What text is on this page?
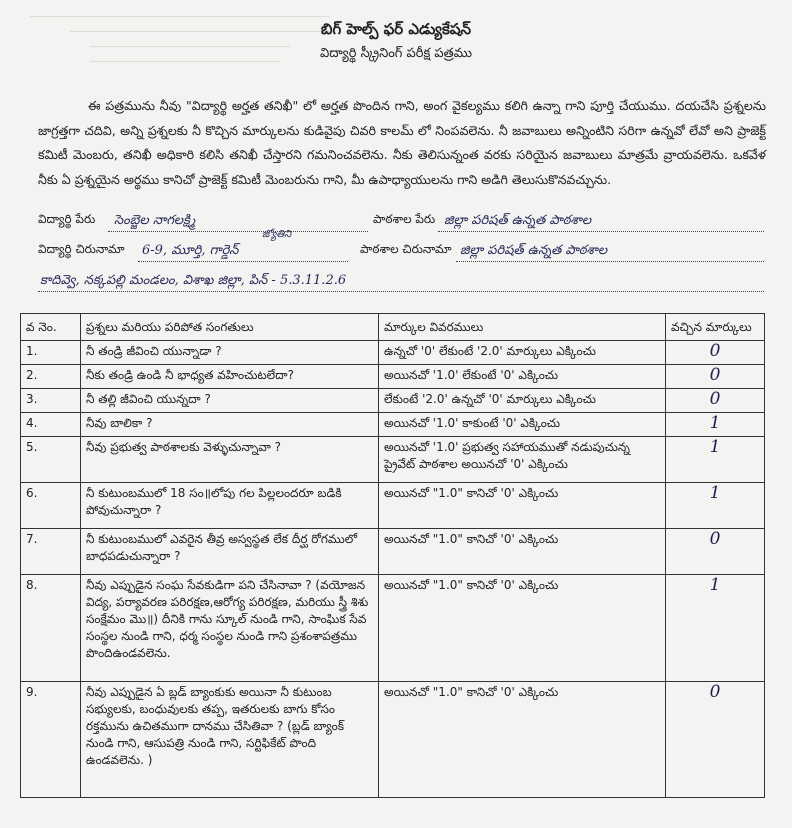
బిగ్ హెల్ప్ ఫర్ ఎడ్యుకేషన్
విద్యార్థి స్క్రీనింగ్ పరీక్ష పత్రము

ఈ పత్రమును నీవు "విద్యార్థి అర్హత తనిఖీ" లో అర్హత పొందిన గాని, అంగ వైకల్యము కలిగి ఉన్నా గాని పూర్తి చేయుము. దయచేసి ప్రశ్నలను జాగ్రత్తగా చదివి, అన్ని ప్రశ్నలకు నీ కొచ్చిన మార్కులను కుడివైపు చివరి కాలమ్ లో నింపవలెను. నీ జవాబులు అన్నింటిని సరిగా ఉన్నవో లేవో అని ప్రాజెక్ట్ కమిటీ మెంబరు, తనిఖీ అధికారి కలిసి తనిఖీ చేస్తారని గమనించవలెను. నీకు తెలిసున్నంత వరకు సరియైన జవాబులు మాత్రమే వ్రాయవలెను. ఒకవేళ నీకు ఏ ప్రశ్నయైన అర్థము కానిచో ప్రాజెక్ట్ కమిటీ మెంబరును గాని, మీ ఉపాధ్యాయులను గాని అడిగి తెలుసుకొనవచ్చును.

విద్యార్థి పేరు సెంబ్జెల నాగలక్ష్మి	పాఠశాల పేరు జిల్లా పరిషత్ ఉన్నత పాఠశాల
జ్యోతిని
విద్యార్థి చిరునామా 6-9, మూర్తి, గార్డెన్	పాఠశాల చిరునామా జిల్లా పరిషత్ ఉన్నత పాఠశాల
కాదివ్వె, నక్కపల్లి మండలం, విశాఖ జిల్లా, పిన్ - 5.3.11.2.6
వ నెం.	ప్రశ్నలు మరియు పరిపోత సంగతులు	మార్కుల వివరములు	వచ్చిన మార్కులు
1.	నీ తండ్రి జీవించి యున్నాడా ?	ఉన్నచో '0' లేకుంటే '2.0' మార్కులు ఎక్కించు	0
2.	నీకు తండ్రి ఉండి నీ భాధ్యత వహించుటలేదా?	అయినచో '1.0' లేకుంటే '0' ఎక్కించు	0
3.	నీ తల్లి జీవించి యున్నదా ?	లేకుంటే '2.0' ఉన్నచో '0' మార్కులు ఎక్కించు	0
4.	నీవు బాలికా ?	అయినచో '1.0' కాకుంటే '0' ఎక్కించు	1
5.	నీవు ప్రభుత్వ పాఠశాలకు వెళ్ళుచున్నావా ?	అయినచో '1.0' ప్రభుత్వ సహాయముతో నడుపుచున్న ప్రైవేట్ పాఠశాల అయినచో '0' ఎక్కించు	1
6.	నీ కుటుంబములో 18 సం॥లోపు గల పిల్లలందరూ బడికి పోవుచున్నారా ?	అయినచో "1.0" కానిచో '0' ఎక్కించు	1
7.	నీ కుటుంబములో ఎవరైన తీవ్ర అస్వస్థత లేక దీర్ఘ రోగములో బాధపడుచున్నారా ?	అయినచో "1.0" కానిచో '0' ఎక్కించు	0
8.	నీవు ఎప్పుడైన సంఘ సేవకుడిగా పని చేసినావా ? (వయోజన విద్య, పర్యావరణ పరిరక్షణ,ఆరోగ్య పరిరక్షణ, మరియు స్త్రీ శిశు సంక్షేమం మొ॥) దీనికి గాను స్కూల్ నుండి గాని, సాంఘిక సేవ సంస్థల నుండి గాని, ధర్మ సంస్థల నుండి గాని ప్రశంశాపత్రము పొందిఉండవలెను.	అయినచో "1.0" కానిచో '0' ఎక్కించు	1
9.	నీవు ఎప్పుడైన ఏ బ్లడ్ బ్యాంకుకు అయినా నీ కుటుంబ సభ్యులకు, బంధువులకు తప్ప, ఇతరులకు బాగు కోసం రక్తమును ఉచితముగా దానము చేసితివా ? (బ్లడ్ బ్యాంక్ నుండి గాని, ఆసుపత్రి నుండి గాని, సర్టిఫికేట్ పొంది ఉండవలెను. )	అయినచో "1.0" కానిచో '0' ఎక్కించు	0
